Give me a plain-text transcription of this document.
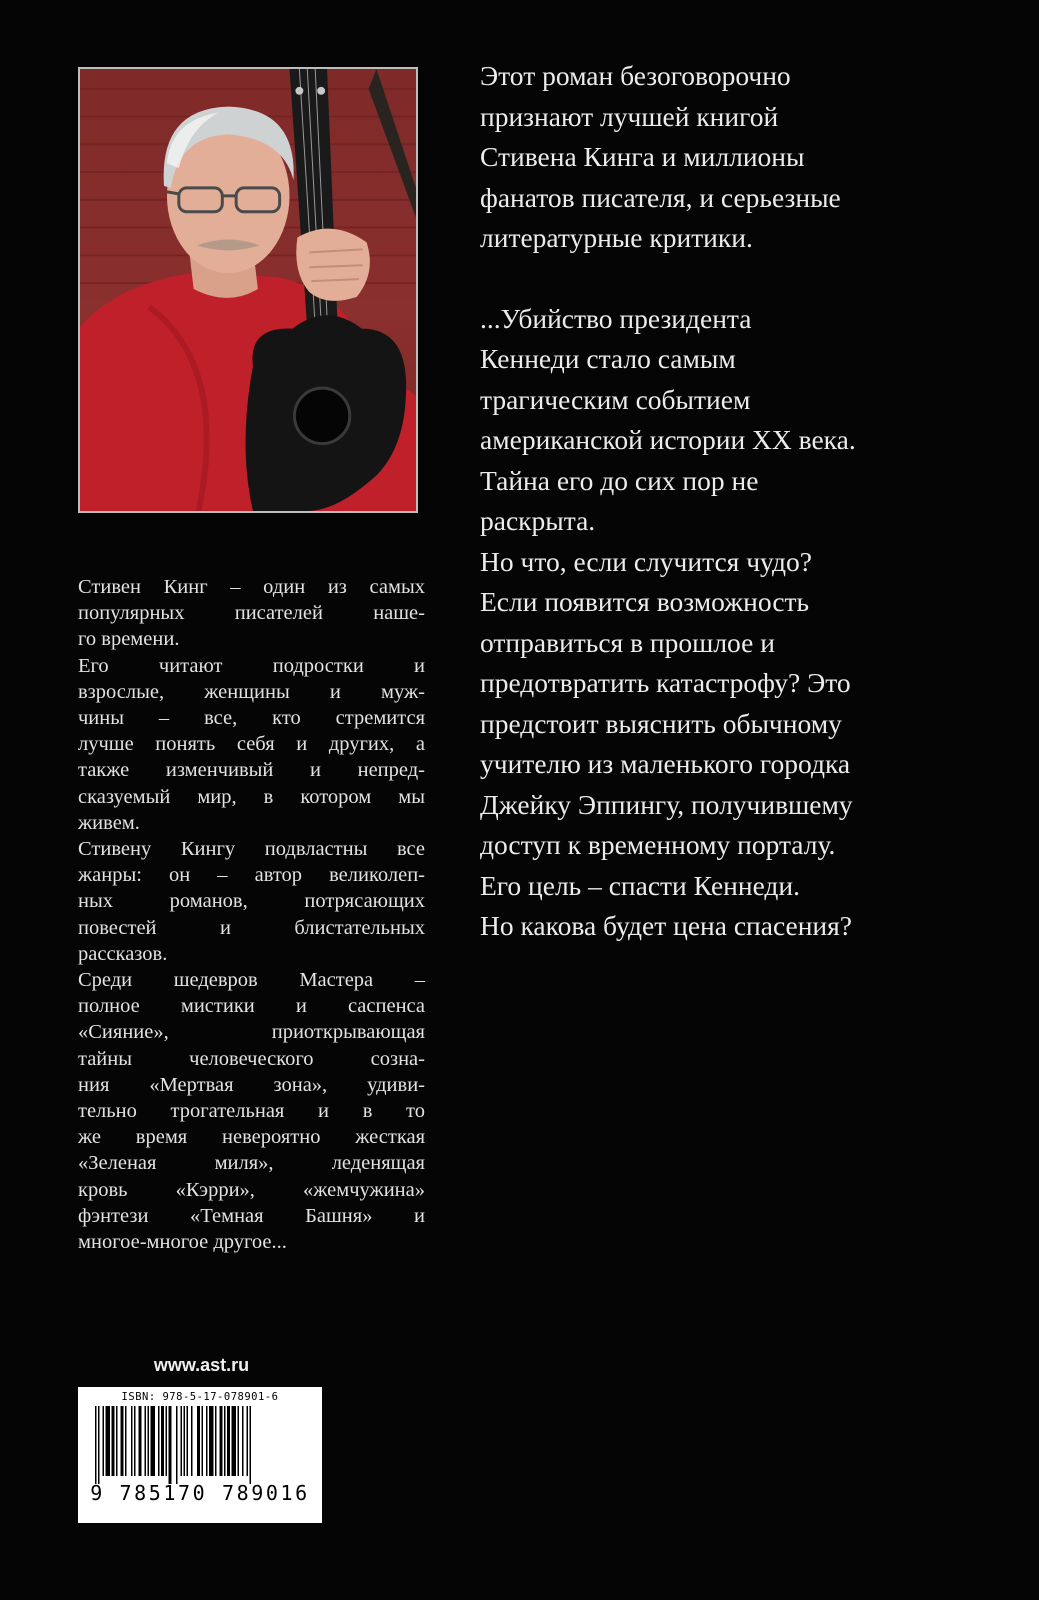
Этот роман безоговорочно

признают лучшей книгой

Стивена Кинга и миллионы

фанатов писателя, и серьезные

литературные критики.

...Убийство президента

Кеннеди стало самым

трагическим событием

американской истории XX века.

Тайна его до сих пор не

раскрыта.

Но что, если случится чудо?

Если появится возможность

отправиться в прошлое и

предотвратить катастрофу? Это

предстоит выяснить обычному

учителю из маленького городка

Джейку Эппингу, получившему

доступ к временному порталу.

Его цель – спасти Кеннеди.

Но какова будет цена спасения?

Стивен Кинг – один из самых
популярных писателей наше-
го времени.
Его читают подростки и
взрослые, женщины и муж-
чины – все, кто стремится
лучше понять себя и других, а
также изменчивый и непред-
сказуемый мир, в котором мы
живем.
Стивену Кингу подвластны все
жанры: он – автор великолеп-
ных романов, потрясающих
повестей и блистательных
рассказов.
Среди шедевров Мастера –
полное мистики и саспенса
«Сияние», приоткрывающая
тайны человеческого созна-
ния «Мертвая зона», удиви-
тельно трогательная и в то
же время невероятно жесткая
«Зеленая миля», леденящая
кровь «Кэрри», «жемчужина»
фэнтези «Темная Башня» и
многое-многое другое...
www.ast.ru
ISBN: 978-5-17-078901-6
9 785170 789016
